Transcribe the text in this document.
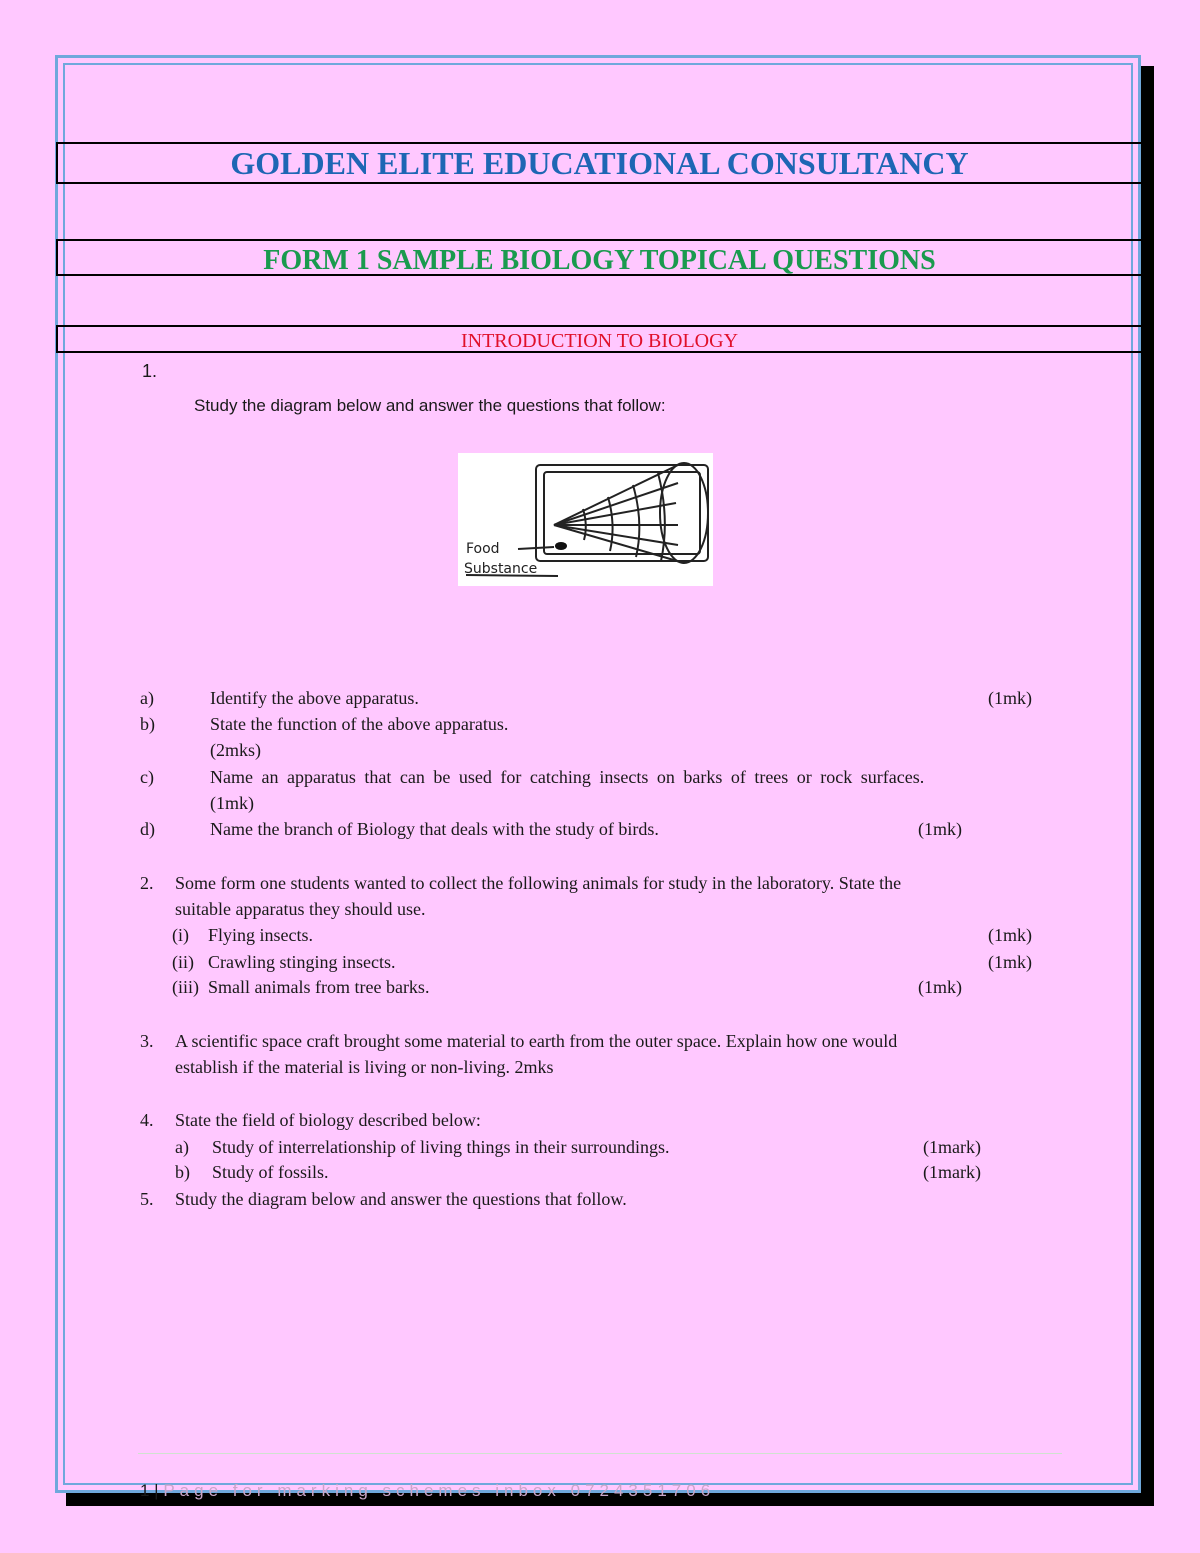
GOLDEN ELITE EDUCATIONAL CONSULTANCY
FORM 1 SAMPLE BIOLOGY TOPICAL QUESTIONS
INTRODUCTION TO BIOLOGY
1.
Study the diagram below and answer the questions that follow:
Food
Substance
a)	Identify the above apparatus.	(1mk)
b)	State the function of the above apparatus.
(2mks)
c)	Name an apparatus that can be used for catching insects on barks of trees or rock surfaces.
(1mk)
d)	Name the branch of Biology that deals with the study of birds.	(1mk)
2. Some form one students wanted to collect the following animals for study in the laboratory. State the
suitable apparatus they should use.
(i) Flying insects.	(1mk)
(ii) Crawling stinging insects.	(1mk)
(iii) Small animals from tree barks.	(1mk)
3. A scientific space craft brought some material to earth from the outer space. Explain how one would
establish if the material is living or non-living. 2mks
4. State the field of biology described below:
a) Study of interrelationship of living things in their surroundings.	(1mark)
b) Study of fossils.	(1mark)
5. Study the diagram below and answer the questions that follow.
1 | Page for marking schemes inbox 0724351706
